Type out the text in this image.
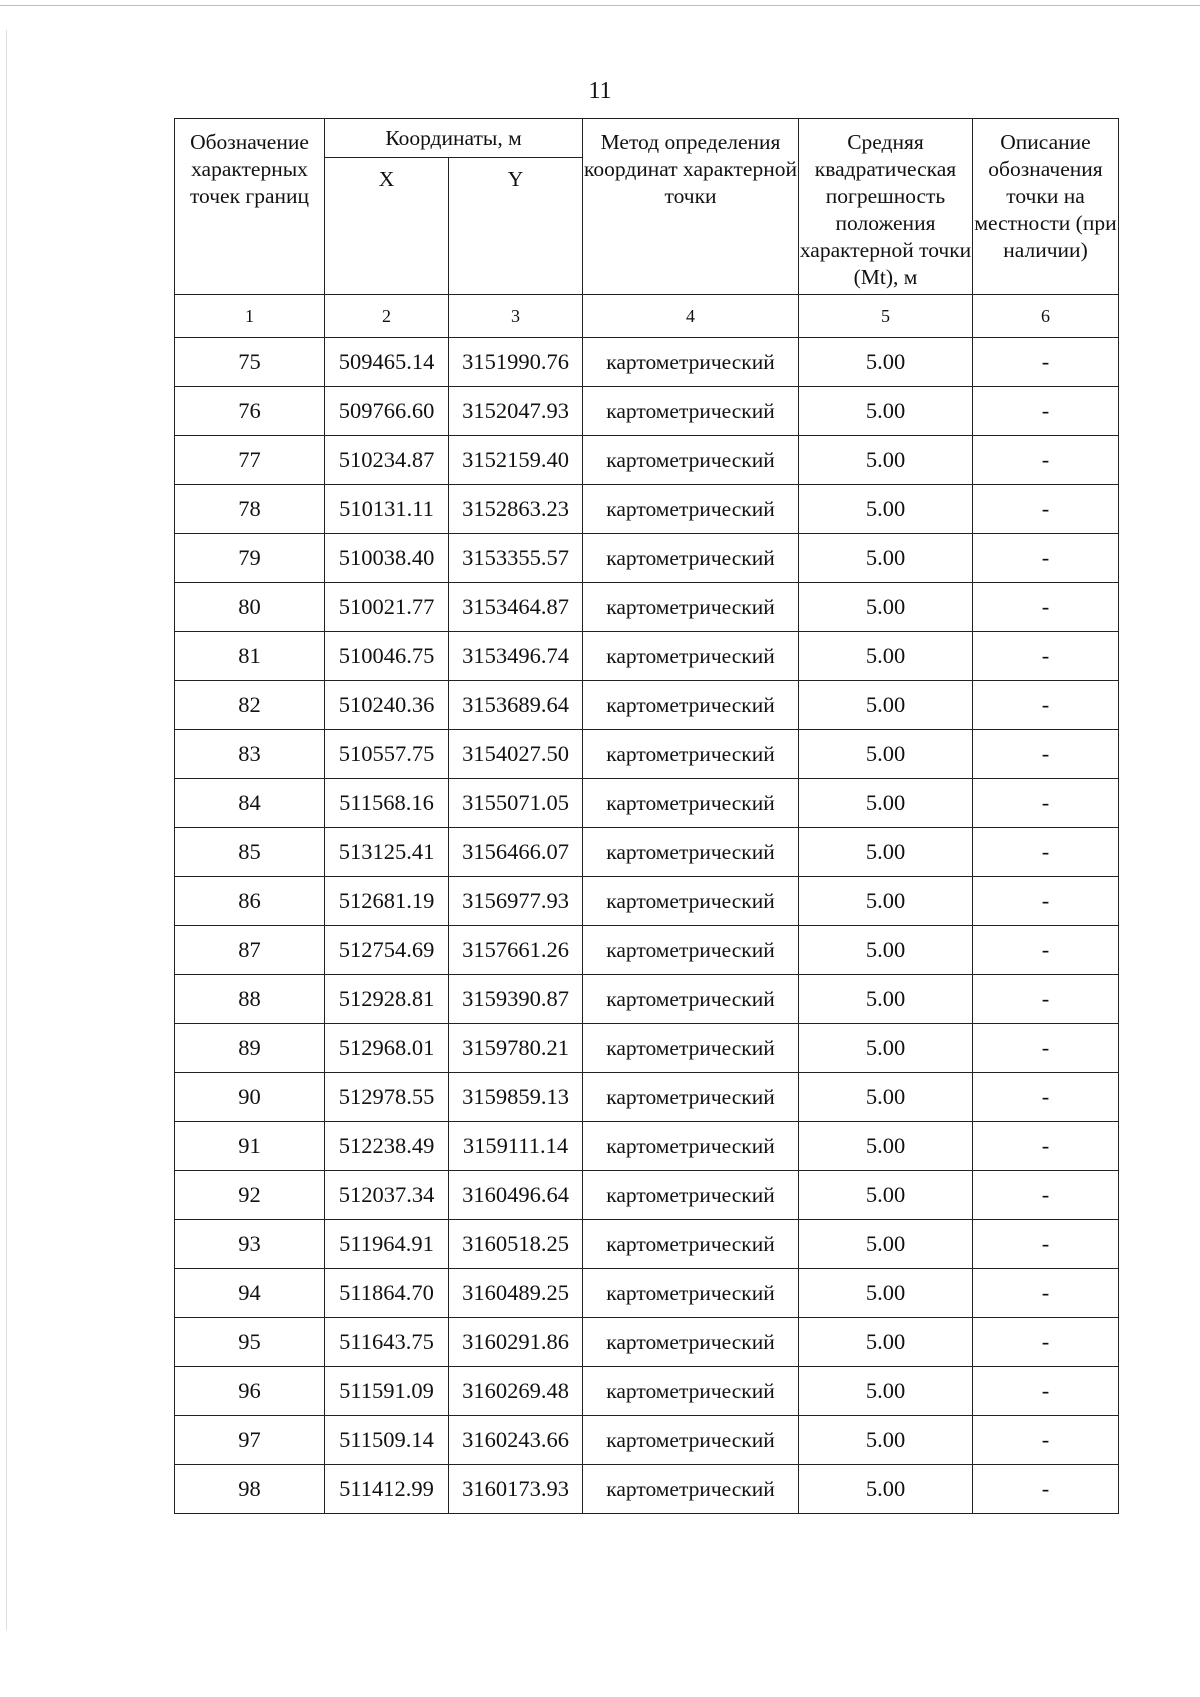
11
Обозначение характерных точек границ	Координаты, м		Метод определения координат характерной точки	Средняя квадратическая погрешность положения характерной точки (Mt), м	Описание обозначения точки на местности (при наличии)
	X	Y			
1	2	3	4	5	6
75	509465.14	3151990.76	картометрический	5.00	-
76	509766.60	3152047.93	картометрический	5.00	-
77	510234.87	3152159.40	картометрический	5.00	-
78	510131.11	3152863.23	картометрический	5.00	-
79	510038.40	3153355.57	картометрический	5.00	-
80	510021.77	3153464.87	картометрический	5.00	-
81	510046.75	3153496.74	картометрический	5.00	-
82	510240.36	3153689.64	картометрический	5.00	-
83	510557.75	3154027.50	картометрический	5.00	-
84	511568.16	3155071.05	картометрический	5.00	-
85	513125.41	3156466.07	картометрический	5.00	-
86	512681.19	3156977.93	картометрический	5.00	-
87	512754.69	3157661.26	картометрический	5.00	-
88	512928.81	3159390.87	картометрический	5.00	-
89	512968.01	3159780.21	картометрический	5.00	-
90	512978.55	3159859.13	картометрический	5.00	-
91	512238.49	3159111.14	картометрический	5.00	-
92	512037.34	3160496.64	картометрический	5.00	-
93	511964.91	3160518.25	картометрический	5.00	-
94	511864.70	3160489.25	картометрический	5.00	-
95	511643.75	3160291.86	картометрический	5.00	-
96	511591.09	3160269.48	картометрический	5.00	-
97	511509.14	3160243.66	картометрический	5.00	-
98	511412.99	3160173.93	картометрический	5.00	-
